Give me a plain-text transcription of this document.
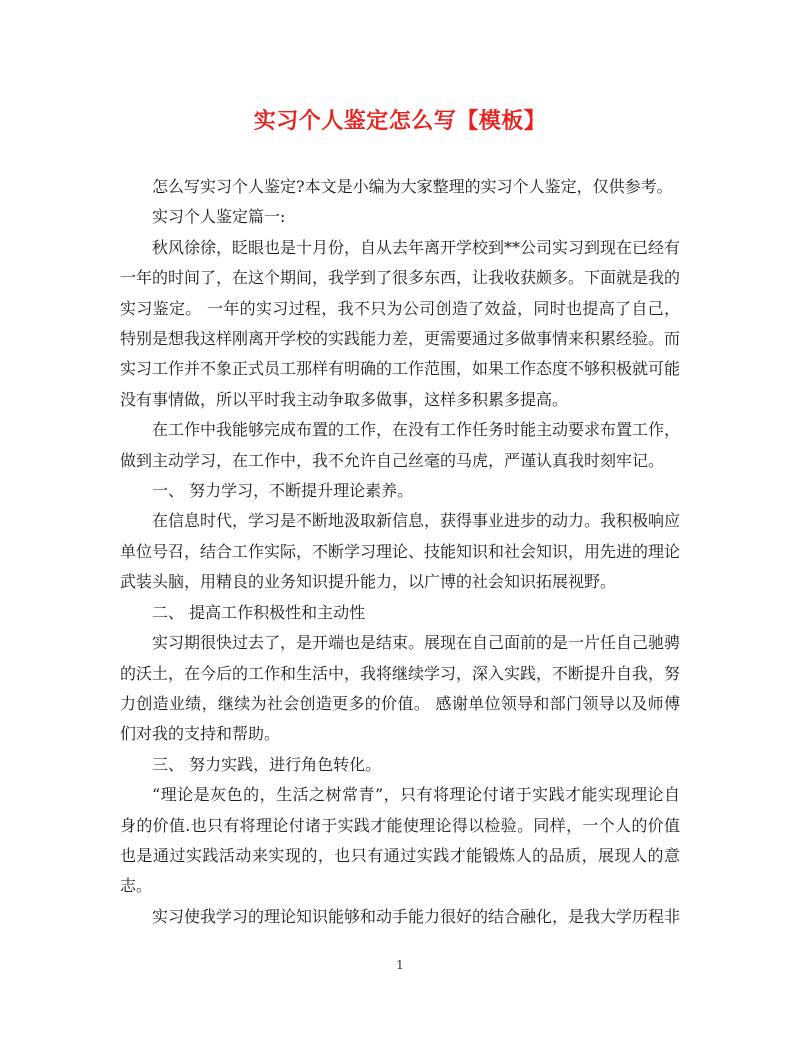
实习个人鉴定怎么写【模板】

怎么写实习个人鉴定?本文是小编为大家整理的实习个人鉴定，仅供参考。

实习个人鉴定篇一:

秋风徐徐，眨眼也是十月份，自从去年离开学校到**公司实习到现在已经有一年的时间了，在这个期间，我学到了很多东西，让我收获颇多。下面就是我的实习鉴定。 一年的实习过程，我不只为公司创造了效益，同时也提高了自己，特别是想我这样刚离开学校的实践能力差，更需要通过多做事情来积累经验。而实习工作并不象正式员工那样有明确的工作范围，如果工作态度不够积极就可能没有事情做，所以平时我主动争取多做事，这样多积累多提高。

在工作中我能够完成布置的工作，在没有工作任务时能主动要求布置工作，做到主动学习，在工作中，我不允许自己丝毫的马虎，严谨认真我时刻牢记。

一、 努力学习，不断提升理论素养。

在信息时代，学习是不断地汲取新信息，获得事业进步的动力。我积极响应单位号召，结合工作实际，不断学习理论、技能知识和社会知识，用先进的理论武装头脑，用精良的业务知识提升能力，以广博的社会知识拓展视野。

二、 提高工作积极性和主动性

实习期很快过去了，是开端也是结束。展现在自己面前的是一片任自己驰骋的沃土，在今后的工作和生活中，我将继续学习，深入实践，不断提升自我，努力创造业绩，继续为社会创造更多的价值。 感谢单位领导和部门领导以及师傅们对我的支持和帮助。

三、 努力实践，进行角色转化。

“理论是灰色的，生活之树常青”，只有将理论付诸于实践才能实现理论自身的价值.也只有将理论付诸于实践才能使理论得以检验。同样，一个人的价值也是通过实践活动来实现的，也只有通过实践才能锻炼人的品质，展现人的意志。

实习使我学习的理论知识能够和动手能力很好的结合融化，是我大学历程非

1
